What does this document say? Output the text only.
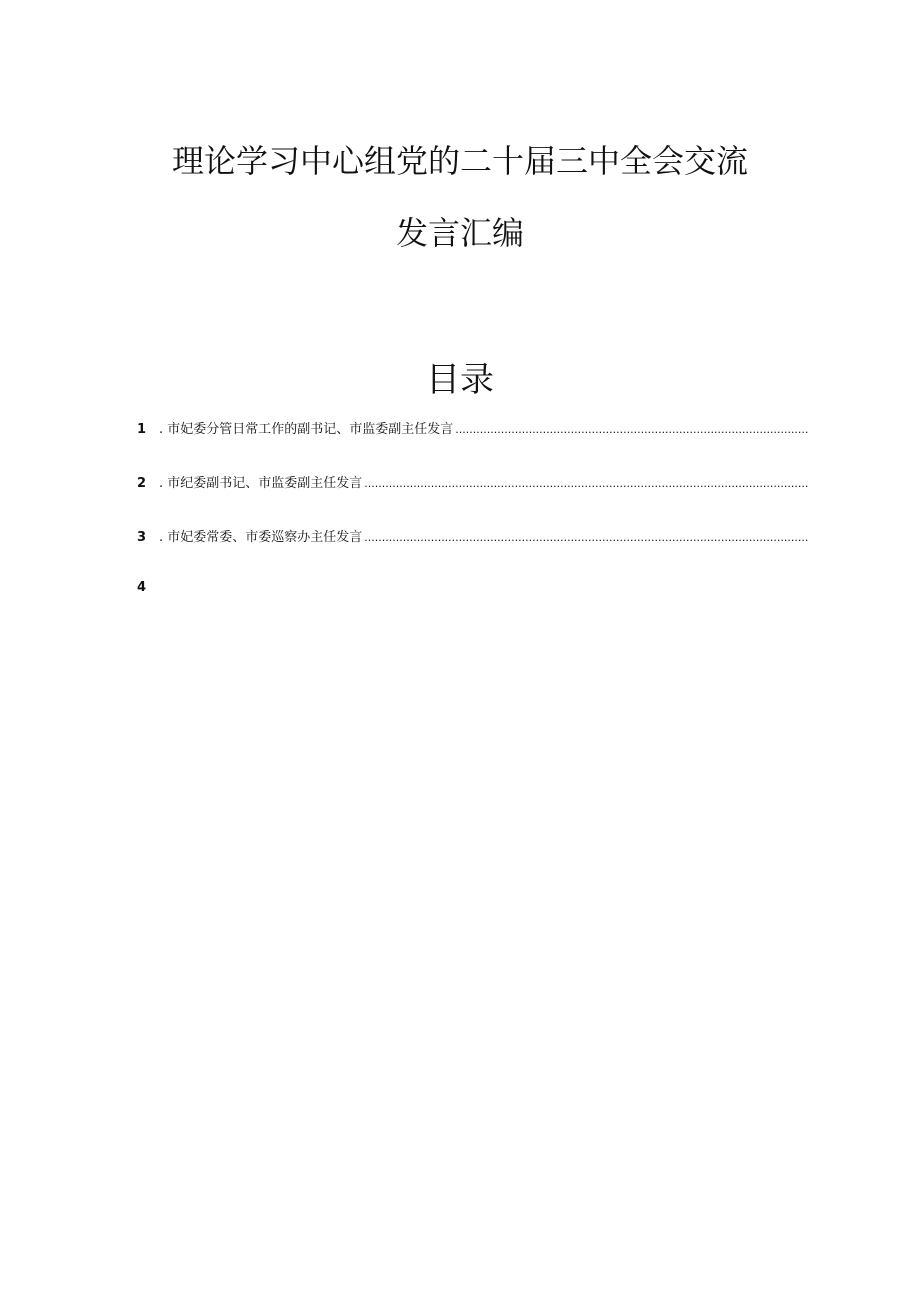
理论学习中心组党的二十届三中全会交流
发言汇编
目录
1 . 市妃委分管日常工作的副书记、市监委副主任发言
.....
2 . 市纪委副书记、市监委副主任发言
.....
3 . 市妃委常委、市委巡察办主任发言
.....
4
